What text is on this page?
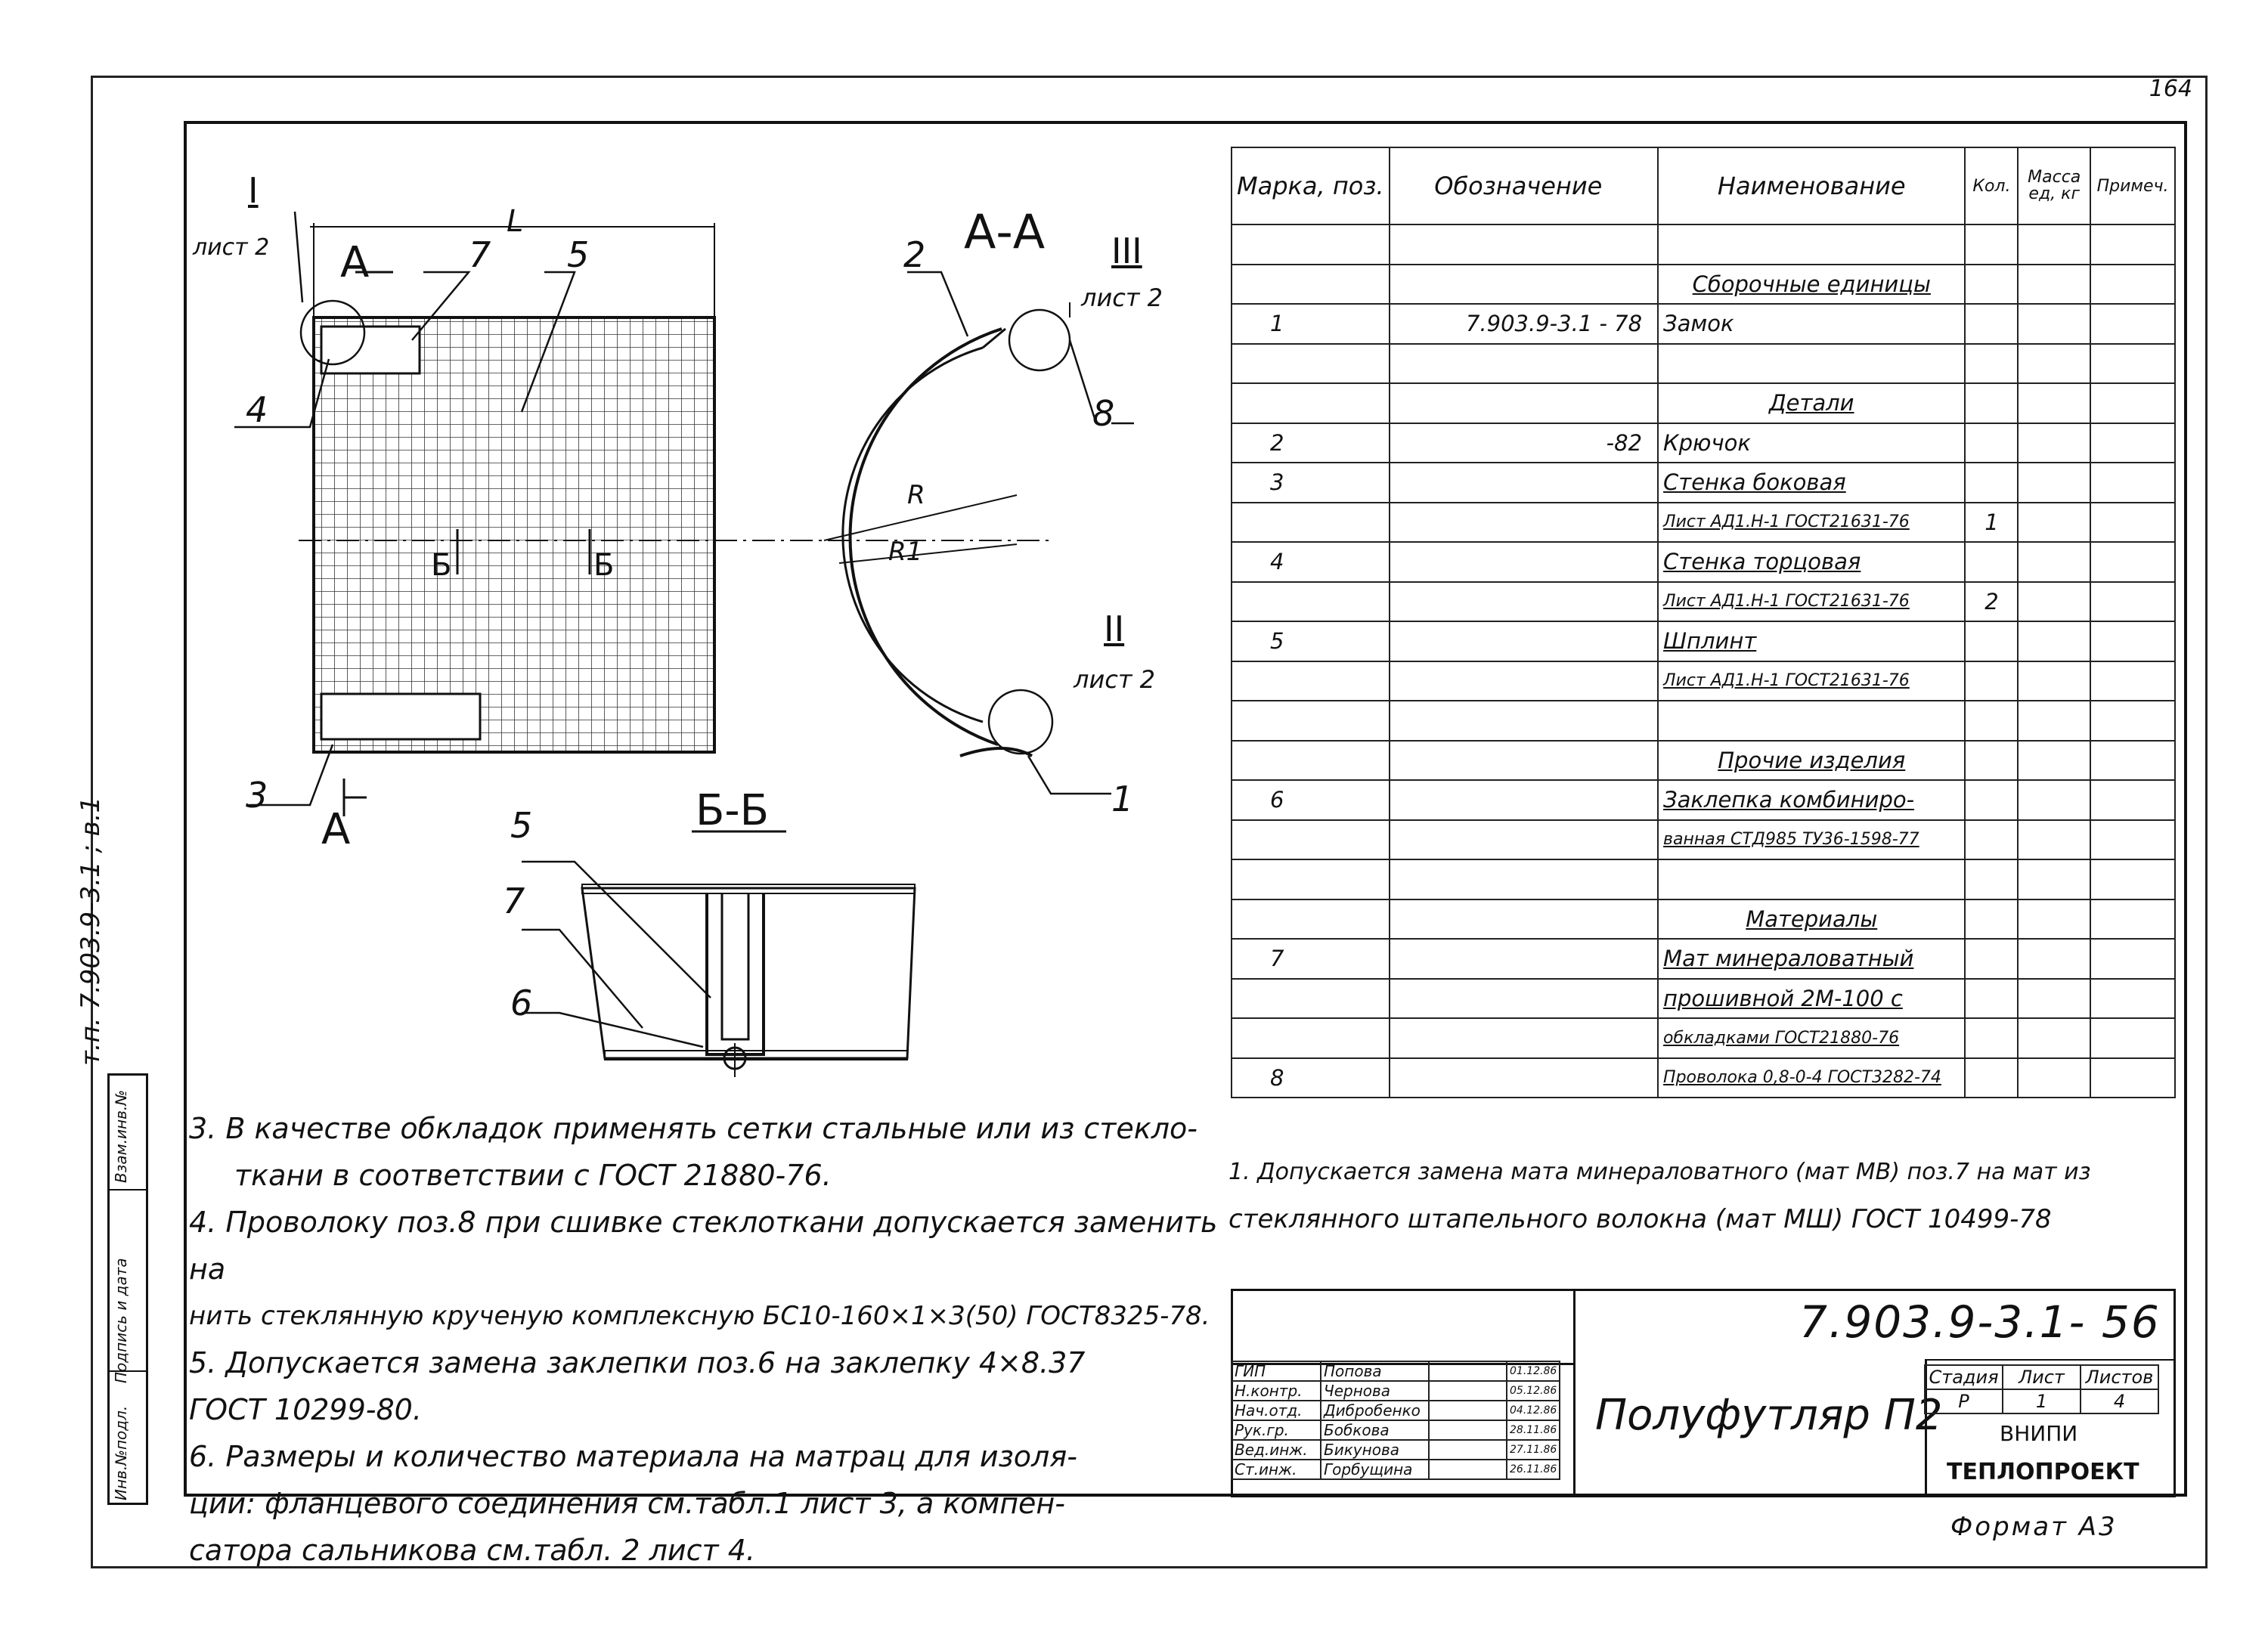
164
Инв.№подл.
Подпись и дата
Взам.инв.№
т.п. 7.903.9-3.1 ; в.1
L
А
А
А-А
Б-Б
Б	Б
I
лист 2
II
лист 2
III
лист 2
R
R1
1
2
3
4
5
6
7
8
5
7
Марка, поз.	Обозначение	Наименование	Кол.	Масса ед, кг	Примеч.

		Сборочные единицы			
1	7.903.9-3.1 - 78	Замок			

		Детали			
2	-82	Крючок			
3		Стенка боковая			
		Лист АД1.Н-1 ГОСТ21631-76	1		
4		Стенка торцовая			
		Лист АД1.Н-1 ГОСТ21631-76	2		
5		Шплинт			
		Лист АД1.Н-1 ГОСТ21631-76			

		Прочие изделия			
6		Заклепка комбиниро-			
		ванная СТД985 ТУ36-1598-77			

		Материалы			
7		Мат минераловатный			
		прошивной 2М-100 с			
		обкладками ГОСТ21880-76			
8		Проволока 0,8-0-4 ГОСТ3282-74			
3. В качестве обкладок применять сетки стальные или из стекло-
ткани в соответствии с ГОСТ 21880-76.
4. Проволоку поз.8 при сшивке стеклоткани допускается заменить на
нить стеклянную крученую комплексную БС10-160×1×3(50) ГОСТ8325-78.
5. Допускается замена заклепки поз.6 на заклепку 4×8.37
ГОСТ 10299-80.
6. Размеры и количество материала на матрац для изоля-
ции: фланцевого соединения см.табл.1 лист 3, а компен-
сатора сальникова см.табл. 2 лист 4.
1. Допускается замена мата минераловатного (мат МВ) поз.7 на мат из
стеклянного штапельного волокна (мат МШ) ГОСТ 10499-78
ГИП	Попова		01.12.86
Н.контр.	Чернова		05.12.86
Нач.отд.	Дибробенко		04.12.86
Рук.гр.	Бобкова		28.11.86
Вед.инж.	Бикунова		27.11.86
Ст.инж.	Горбущина		26.11.86
7.903.9-3.1- 56
Полуфутляр П2
Стадия	Лист	Листов
Р	1	4
ВНИПИ
ТЕПЛОПРОЕКТ
Формат А3
